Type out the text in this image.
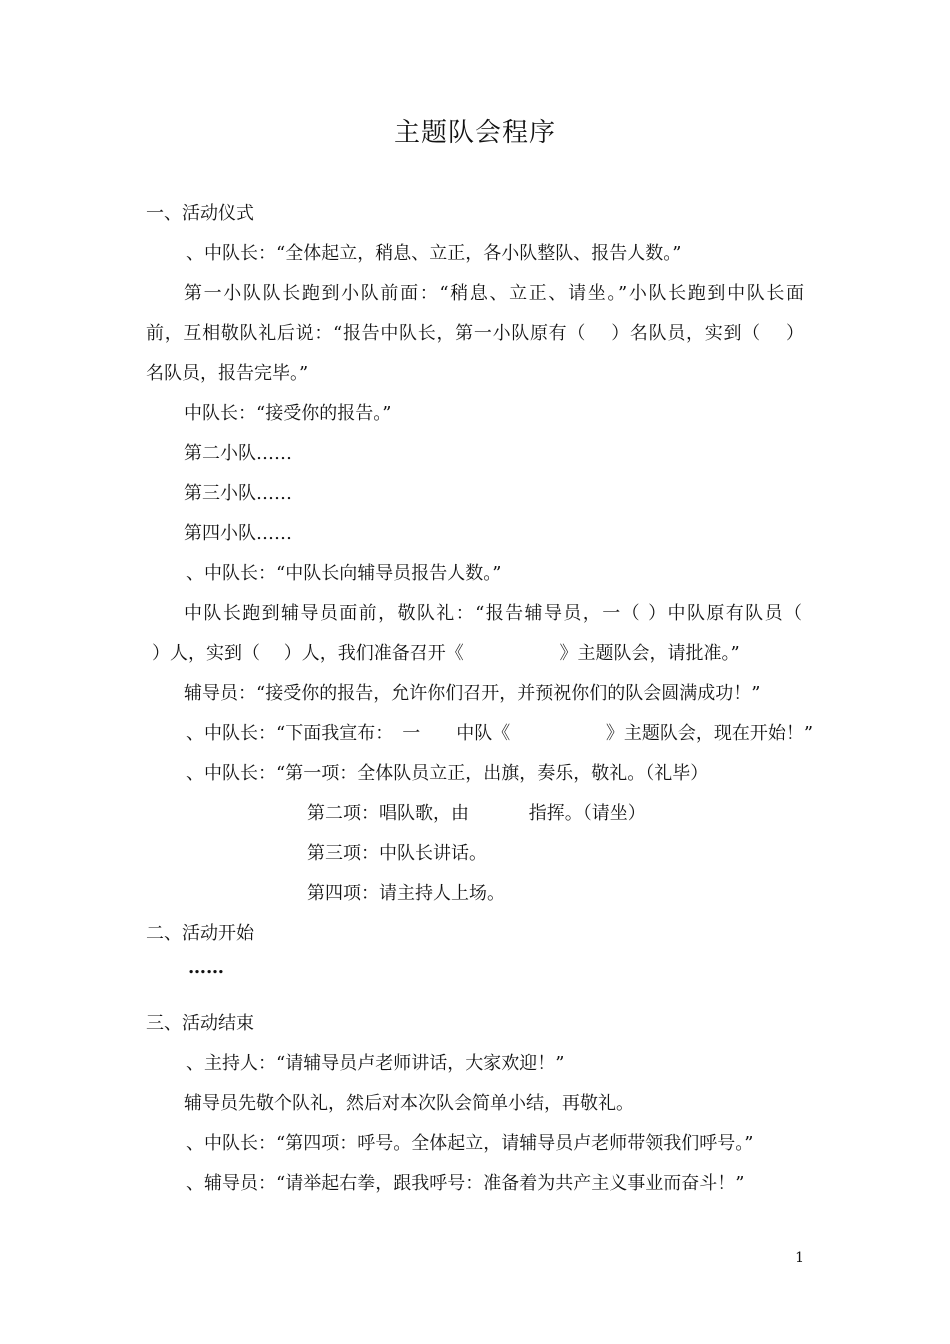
主题队会程序
一、活动仪式
、中队长：“全体起立，稍息、立正，各小队整队、报告人数。”
第一小队队长跑到小队前面：“稍息、立正、请坐。”小队长跑到中队长面
前，互相敬队礼后说：“报告中队长，第一小队原有（　 ）名队员，实到（　 ）
名队员，报告完毕。”
中队长：“接受你的报告。”
第二小队……
第三小队……
第四小队……
、中队长：“中队长向辅导员报告人数。”
中队长跑到辅导员面前，敬队礼：“报告辅导员，一（ ）中队原有队员（
）人，实到（　 ）人，我们准备召开《　　　　　 》主题队会，请批准。”
辅导员：“接受你的报告，允许你们召开，并预祝你们的队会圆满成功！”
、中队长：“下面我宣布：　一　　中队《　　　　　 》主题队会，现在开始！”
、中队长：“第一项：全体队员立正，出旗，奏乐，敬礼。（礼毕）
第二项：唱队歌，由　　　 指挥。（请坐）
第三项：中队长讲话。
第四项：请主持人上场。
二、活动开始
……
三、活动结束
、主持人：“请辅导员卢老师讲话，大家欢迎！”
辅导员先敬个队礼，然后对本次队会简单小结，再敬礼。
、中队长：“第四项：呼号。全体起立，请辅导员卢老师带领我们呼号。”
、辅导员：“请举起右拳，跟我呼号：准备着为共产主义事业而奋斗！”
1
